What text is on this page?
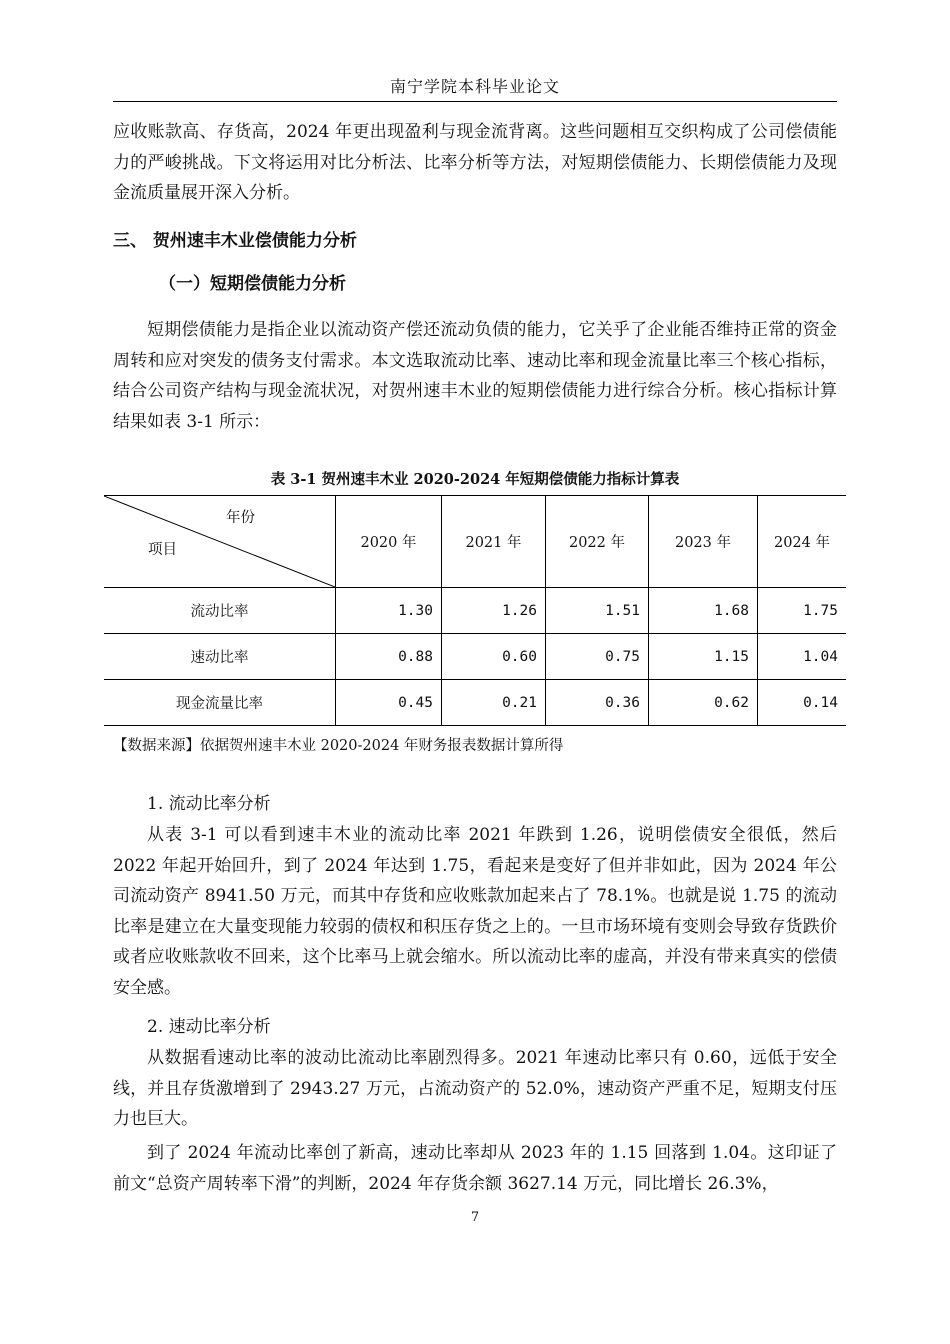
南宁学院本科毕业论文

应收账款高、存货高，2024 年更出现盈利与现金流背离。这些问题相互交织构成了公司偿债能力的严峻挑战。下文将运用对比分析法、比率分析等方法，对短期偿债能力、长期偿债能力及现金流质量展开深入分析。

三、 贺州速丰木业偿债能力分析
（一）短期偿债能力分析

短期偿债能力是指企业以流动资产偿还流动负债的能力，它关乎了企业能否维持正常的资金周转和应对突发的债务支付需求。本文选取流动比率、速动比率和现金流量比率三个核心指标，结合公司资产结构与现金流状况，对贺州速丰木业的短期偿债能力进行综合分析。核心指标计算结果如表 3-1 所示：

表 3-1 贺州速丰木业 2020-2024 年短期偿债能力指标计算表
年份
项目	2020 年	2021 年	2022 年	2023 年	2024 年
流动比率	1.30	1.26	1.51	1.68	1.75
速动比率	0.88	0.60	0.75	1.15	1.04
现金流量比率	0.45	0.21	0.36	0.62	0.14
【数据来源】依据贺州速丰木业 2020-2024 年财务报表数据计算所得
1. 流动比率分析

从表 3-1 可以看到速丰木业的流动比率 2021 年跌到 1.26，说明偿债安全很低，然后 2022 年起开始回升，到了 2024 年达到 1.75，看起来是变好了但并非如此，因为 2024 年公司流动资产 8941.50 万元，而其中存货和应收账款加起来占了 78.1%。也就是说 1.75 的流动比率是建立在大量变现能力较弱的债权和积压存货之上的。一旦市场环境有变则会导致存货跌价或者应收账款收不回来，这个比率马上就会缩水。所以流动比率的虚高，并没有带来真实的偿债安全感。

2. 速动比率分析

从数据看速动比率的波动比流动比率剧烈得多。2021 年速动比率只有 0.60，远低于安全线，并且存货激增到了 2943.27 万元，占流动资产的 52.0%，速动资产严重不足，短期支付压力也巨大。

到了 2024 年流动比率创了新高，速动比率却从 2023 年的 1.15 回落到 1.04。这印证了前文“总资产周转率下滑”的判断，2024 年存货余额 3627.14 万元，同比增长 26.3%，

7
